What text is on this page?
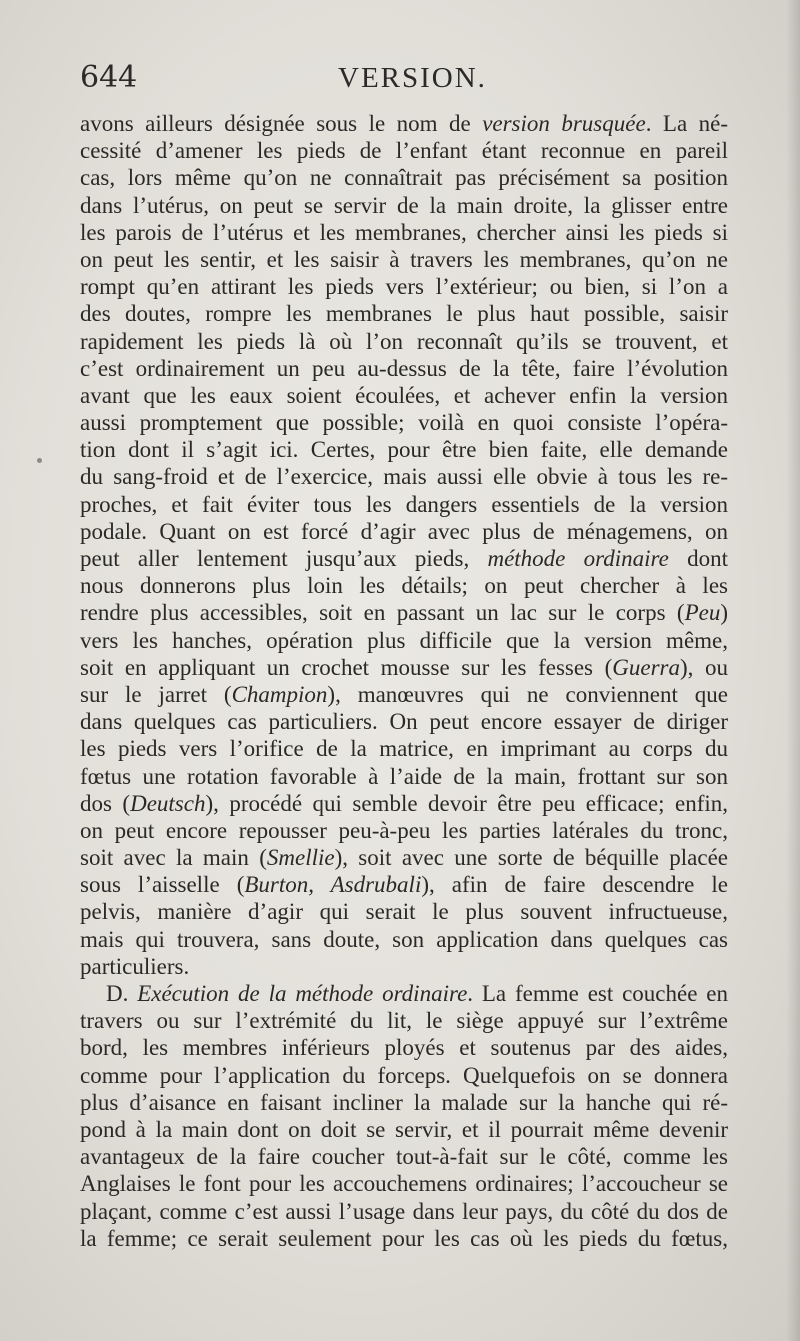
644	VERSION.
avons ailleurs désignée sous le nom de version brusquée. La né-
cessité d’amener les pieds de l’enfant étant reconnue en pareil
cas, lors même qu’on ne connaîtrait pas précisément sa position
dans l’utérus, on peut se servir de la main droite, la glisser entre
les parois de l’utérus et les membranes, chercher ainsi les pieds si
on peut les sentir, et les saisir à travers les membranes, qu’on ne
rompt qu’en attirant les pieds vers l’extérieur; ou bien, si l’on a
des doutes, rompre les membranes le plus haut possible, saisir
rapidement les pieds là où l’on reconnaît qu’ils se trouvent, et
c’est ordinairement un peu au-dessus de la tête, faire l’évolution
avant que les eaux soient écoulées, et achever enfin la version
aussi promptement que possible; voilà en quoi consiste l’opéra-
tion dont il s’agit ici. Certes, pour être bien faite, elle demande
du sang-froid et de l’exercice, mais aussi elle obvie à tous les re-
proches, et fait éviter tous les dangers essentiels de la version
podale. Quant on est forcé d’agir avec plus de ménagemens, on
peut aller lentement jusqu’aux pieds, méthode ordinaire dont
nous donnerons plus loin les détails; on peut chercher à les
rendre plus accessibles, soit en passant un lac sur le corps (Peu)
vers les hanches, opération plus difficile que la version même,
soit en appliquant un crochet mousse sur les fesses (Guerra), ou
sur le jarret (Champion), manœuvres qui ne conviennent que
dans quelques cas particuliers. On peut encore essayer de diriger
les pieds vers l’orifice de la matrice, en imprimant au corps du
fœtus une rotation favorable à l’aide de la main, frottant sur son
dos (Deutsch), procédé qui semble devoir être peu efficace; enfin,
on peut encore repousser peu-à-peu les parties latérales du tronc,
soit avec la main (Smellie), soit avec une sorte de béquille placée
sous l’aisselle (Burton, Asdrubali), afin de faire descendre le
pelvis, manière d’agir qui serait le plus souvent infructueuse,
mais qui trouvera, sans doute, son application dans quelques cas
particuliers.
D. Exécution de la méthode ordinaire. La femme est couchée en
travers ou sur l’extrémité du lit, le siège appuyé sur l’extrême
bord, les membres inférieurs ployés et soutenus par des aides,
comme pour l’application du forceps. Quelquefois on se donnera
plus d’aisance en faisant incliner la malade sur la hanche qui ré-
pond à la main dont on doit se servir, et il pourrait même devenir
avantageux de la faire coucher tout-à-fait sur le côté, comme les
Anglaises le font pour les accouchemens ordinaires; l’accoucheur se
plaçant, comme c’est aussi l’usage dans leur pays, du côté du dos de
la femme; ce serait seulement pour les cas où les pieds du fœtus,
